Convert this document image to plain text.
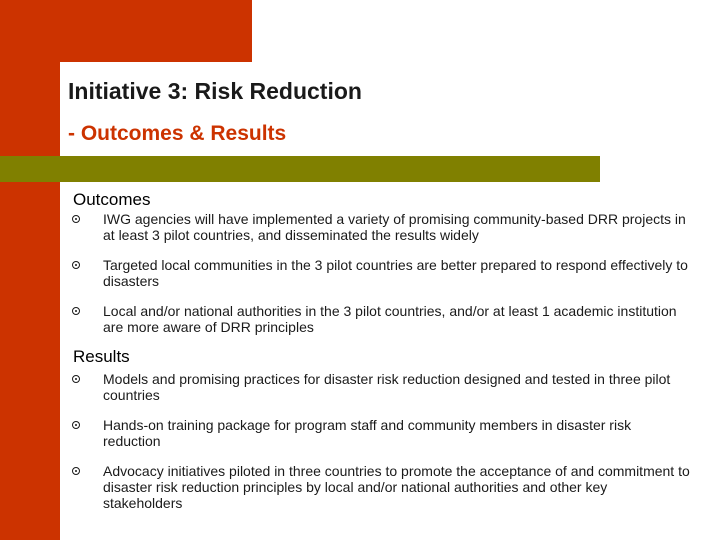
Initiative 3: Risk Reduction
- Outcomes & Results
Outcomes
IWG agencies will have implemented a variety of promising community-based DRR projects in at least 3 pilot countries, and disseminated the results widely
Targeted local communities in the 3 pilot countries are better prepared to respond effectively to disasters
Local and/or national authorities in the 3 pilot countries, and/or at least 1 academic institution are more aware of DRR principles
Results
Models and promising practices for disaster risk reduction designed and tested in three pilot countries
Hands-on training package for program staff and community members in disaster risk reduction
Advocacy initiatives piloted in three countries to promote the acceptance of and commitment to disaster risk reduction principles by local and/or national authorities and other key stakeholders
